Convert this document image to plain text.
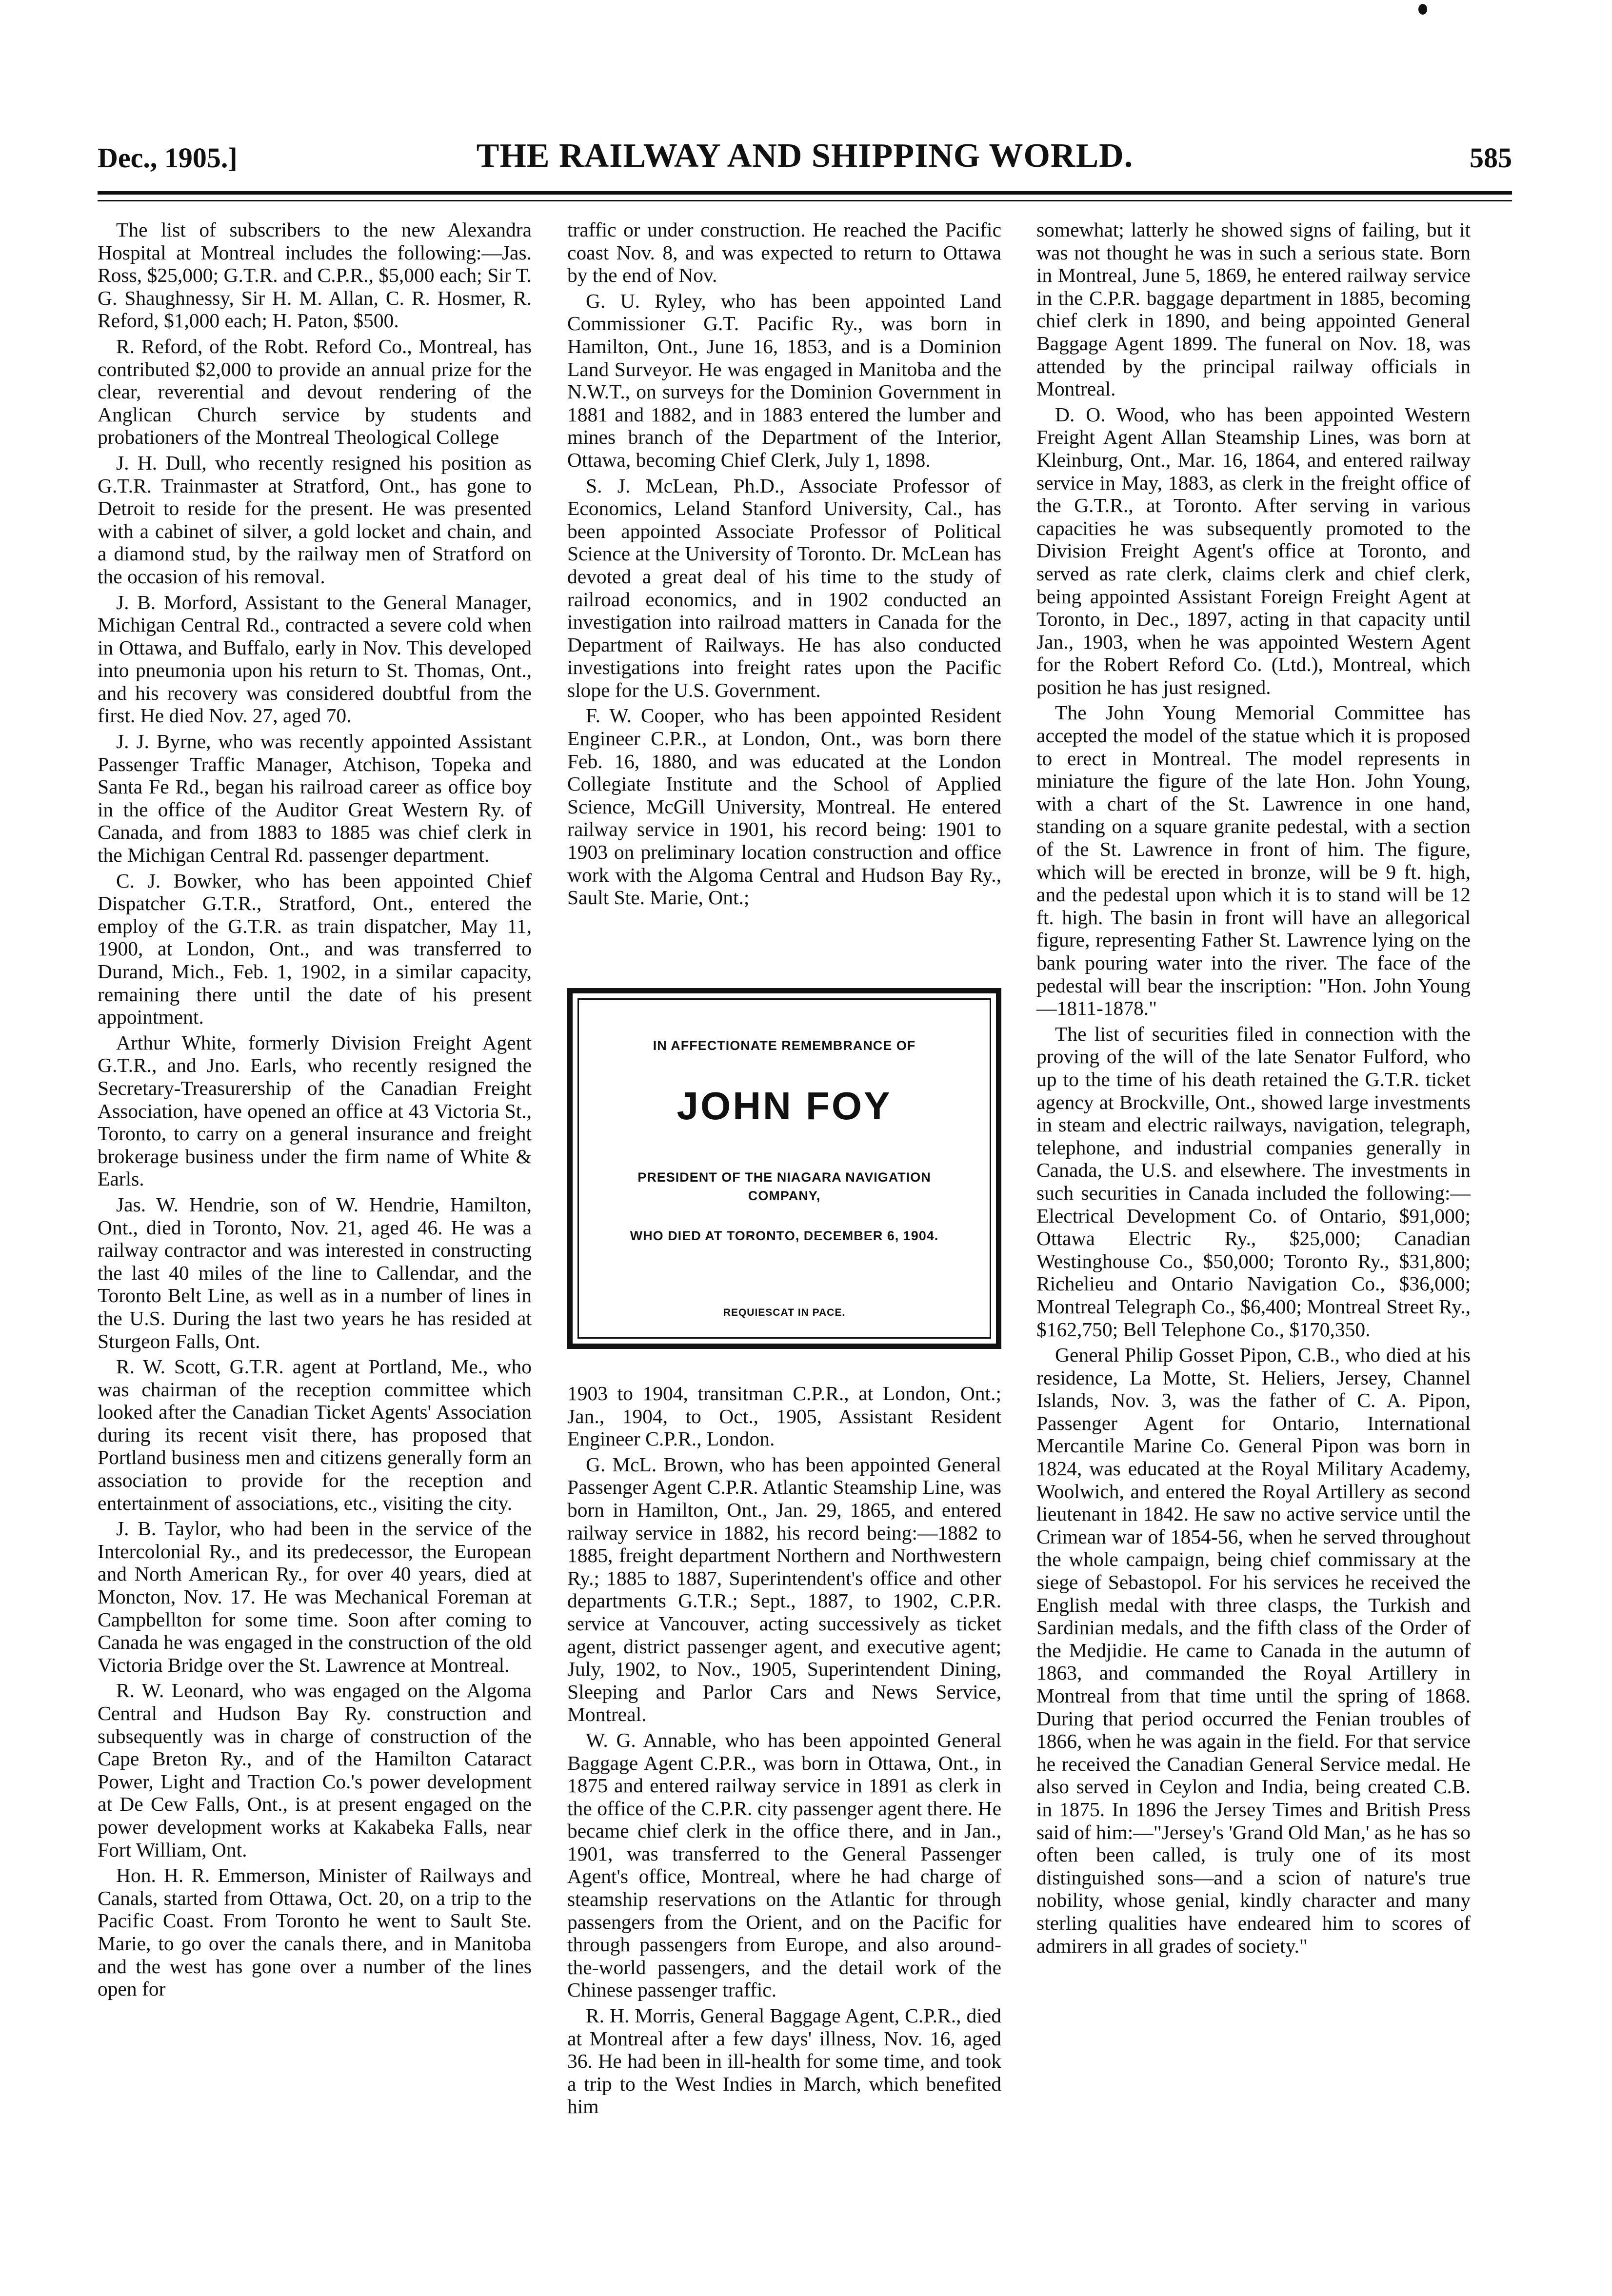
Dec., 1905.]	THE RAILWAY AND SHIPPING WORLD.	585

The list of subscribers to the new Alexandra Hospital at Montreal includes the following:—Jas. Ross, $25,000; G.T.R. and C.P.R., $5,000 each; Sir T. G. Shaughnessy, Sir H. M. Allan, C. R. Hosmer, R. Reford, $1,000 each; H. Paton, $500.

R. Reford, of the Robt. Reford Co., Montreal, has contributed $2,000 to provide an annual prize for the clear, reverential and devout rendering of the Anglican Church service by students and probationers of the Montreal Theological College

J. H. Dull, who recently resigned his position as G.T.R. Trainmaster at Stratford, Ont., has gone to Detroit to reside for the present. He was presented with a cabinet of silver, a gold locket and chain, and a diamond stud, by the railway men of Stratford on the occasion of his removal.

J. B. Morford, Assistant to the General Manager, Michigan Central Rd., contracted a severe cold when in Ottawa, and Buffalo, early in Nov. This developed into pneumonia upon his return to St. Thomas, Ont., and his recovery was considered doubtful from the first. He died Nov. 27, aged 70.

J. J. Byrne, who was recently appointed Assistant Passenger Traffic Manager, Atchison, Topeka and Santa Fe Rd., began his railroad career as office boy in the office of the Auditor Great Western Ry. of Canada, and from 1883 to 1885 was chief clerk in the Michigan Central Rd. passenger department.

C. J. Bowker, who has been appointed Chief Dispatcher G.T.R., Stratford, Ont., entered the employ of the G.T.R. as train dispatcher, May 11, 1900, at London, Ont., and was transferred to Durand, Mich., Feb. 1, 1902, in a similar capacity, remaining there until the date of his present appointment.

Arthur White, formerly Division Freight Agent G.T.R., and Jno. Earls, who recently resigned the Secretary-Treasurership of the Canadian Freight Association, have opened an office at 43 Victoria St., Toronto, to carry on a general insurance and freight brokerage business under the firm name of White & Earls.

Jas. W. Hendrie, son of W. Hendrie, Hamilton, Ont., died in Toronto, Nov. 21, aged 46. He was a railway contractor and was interested in constructing the last 40 miles of the line to Callendar, and the Toronto Belt Line, as well as in a number of lines in the U.S. During the last two years he has resided at Sturgeon Falls, Ont.

R. W. Scott, G.T.R. agent at Portland, Me., who was chairman of the reception committee which looked after the Canadian Ticket Agents' Association during its recent visit there, has proposed that Portland business men and citizens generally form an association to provide for the reception and entertainment of associations, etc., visiting the city.

J. B. Taylor, who had been in the service of the Intercolonial Ry., and its predecessor, the European and North American Ry., for over 40 years, died at Moncton, Nov. 17. He was Mechanical Foreman at Campbellton for some time. Soon after coming to Canada he was engaged in the construction of the old Victoria Bridge over the St. Lawrence at Montreal.

R. W. Leonard, who was engaged on the Algoma Central and Hudson Bay Ry. construction and subsequently was in charge of construction of the Cape Breton Ry., and of the Hamilton Cataract Power, Light and Traction Co.'s power development at De Cew Falls, Ont., is at present engaged on the power development works at Kakabeka Falls, near Fort William, Ont.

Hon. H. R. Emmerson, Minister of Railways and Canals, started from Ottawa, Oct. 20, on a trip to the Pacific Coast. From Toronto he went to Sault Ste. Marie, to go over the canals there, and in Manitoba and the west has gone over a number of the lines open for

traffic or under construction. He reached the Pacific coast Nov. 8, and was expected to return to Ottawa by the end of Nov.

G. U. Ryley, who has been appointed Land Commissioner G.T. Pacific Ry., was born in Hamilton, Ont., June 16, 1853, and is a Dominion Land Surveyor. He was engaged in Manitoba and the N.W.T., on surveys for the Dominion Government in 1881 and 1882, and in 1883 entered the lumber and mines branch of the Department of the Interior, Ottawa, becoming Chief Clerk, July 1, 1898.

S. J. McLean, Ph.D., Associate Professor of Economics, Leland Stanford University, Cal., has been appointed Associate Professor of Political Science at the University of Toronto. Dr. McLean has devoted a great deal of his time to the study of railroad economics, and in 1902 conducted an investigation into railroad matters in Canada for the Department of Railways. He has also conducted investigations into freight rates upon the Pacific slope for the U.S. Government.

F. W. Cooper, who has been appointed Resident Engineer C.P.R., at London, Ont., was born there Feb. 16, 1880, and was educated at the London Collegiate Institute and the School of Applied Science, McGill University, Montreal. He entered railway service in 1901, his record being: 1901 to 1903 on preliminary location construction and office work with the Algoma Central and Hudson Bay Ry., Sault Ste. Marie, Ont.;

IN AFFECTIONATE REMEMBRANCE OF
JOHN FOY
PRESIDENT OF THE NIAGARA NAVIGATION COMPANY,
WHO DIED AT TORONTO, DECEMBER 6, 1904.
REQUIESCAT IN PACE.

1903 to 1904, transitman C.P.R., at London, Ont.; Jan., 1904, to Oct., 1905, Assistant Resident Engineer C.P.R., London.

G. McL. Brown, who has been appointed General Passenger Agent C.P.R. Atlantic Steamship Line, was born in Hamilton, Ont., Jan. 29, 1865, and entered railway service in 1882, his record being:—1882 to 1885, freight department Northern and Northwestern Ry.; 1885 to 1887, Superintendent's office and other departments G.T.R.; Sept., 1887, to 1902, C.P.R. service at Vancouver, acting successively as ticket agent, district passenger agent, and executive agent; July, 1902, to Nov., 1905, Superintendent Dining, Sleeping and Parlor Cars and News Service, Montreal.

W. G. Annable, who has been appointed General Baggage Agent C.P.R., was born in Ottawa, Ont., in 1875 and entered railway service in 1891 as clerk in the office of the C.P.R. city passenger agent there. He became chief clerk in the office there, and in Jan., 1901, was transferred to the General Passenger Agent's office, Montreal, where he had charge of steamship reservations on the Atlantic for through passengers from the Orient, and on the Pacific for through passengers from Europe, and also around-the-world passengers, and the detail work of the Chinese passenger traffic.

R. H. Morris, General Baggage Agent, C.P.R., died at Montreal after a few days' illness, Nov. 16, aged 36. He had been in ill-health for some time, and took a trip to the West Indies in March, which benefited him

somewhat; latterly he showed signs of failing, but it was not thought he was in such a serious state. Born in Montreal, June 5, 1869, he entered railway service in the C.P.R. baggage department in 1885, becoming chief clerk in 1890, and being appointed General Baggage Agent 1899. The funeral on Nov. 18, was attended by the principal railway officials in Montreal.

D. O. Wood, who has been appointed Western Freight Agent Allan Steamship Lines, was born at Kleinburg, Ont., Mar. 16, 1864, and entered railway service in May, 1883, as clerk in the freight office of the G.T.R., at Toronto. After serving in various capacities he was subsequently promoted to the Division Freight Agent's office at Toronto, and served as rate clerk, claims clerk and chief clerk, being appointed Assistant Foreign Freight Agent at Toronto, in Dec., 1897, acting in that capacity until Jan., 1903, when he was appointed Western Agent for the Robert Reford Co. (Ltd.), Montreal, which position he has just resigned.

The John Young Memorial Committee has accepted the model of the statue which it is proposed to erect in Montreal. The model represents in miniature the figure of the late Hon. John Young, with a chart of the St. Lawrence in one hand, standing on a square granite pedestal, with a section of the St. Lawrence in front of him. The figure, which will be erected in bronze, will be 9 ft. high, and the pedestal upon which it is to stand will be 12 ft. high. The basin in front will have an allegorical figure, representing Father St. Lawrence lying on the bank pouring water into the river. The face of the pedestal will bear the inscription: "Hon. John Young—1811-1878."

The list of securities filed in connection with the proving of the will of the late Senator Fulford, who up to the time of his death retained the G.T.R. ticket agency at Brockville, Ont., showed large investments in steam and electric railways, navigation, telegraph, telephone, and industrial companies generally in Canada, the U.S. and elsewhere. The investments in such securities in Canada included the following:—Electrical Development Co. of Ontario, $91,000; Ottawa Electric Ry., $25,000; Canadian Westinghouse Co., $50,000; Toronto Ry., $31,800; Richelieu and Ontario Navigation Co., $36,000; Montreal Telegraph Co., $6,400; Montreal Street Ry., $162,750; Bell Telephone Co., $170,350.

General Philip Gosset Pipon, C.B., who died at his residence, La Motte, St. Heliers, Jersey, Channel Islands, Nov. 3, was the father of C. A. Pipon, Passenger Agent for Ontario, International Mercantile Marine Co. General Pipon was born in 1824, was educated at the Royal Military Academy, Woolwich, and entered the Royal Artillery as second lieutenant in 1842. He saw no active service until the Crimean war of 1854-56, when he served throughout the whole campaign, being chief commissary at the siege of Sebastopol. For his services he received the English medal with three clasps, the Turkish and Sardinian medals, and the fifth class of the Order of the Medjidie. He came to Canada in the autumn of 1863, and commanded the Royal Artillery in Montreal from that time until the spring of 1868. During that period occurred the Fenian troubles of 1866, when he was again in the field. For that service he received the Canadian General Service medal. He also served in Ceylon and India, being created C.B. in 1875. In 1896 the Jersey Times and British Press said of him:—"Jersey's 'Grand Old Man,' as he has so often been called, is truly one of its most distinguished sons—and a scion of nature's true nobility, whose genial, kindly character and many sterling qualities have endeared him to scores of admirers in all grades of society."
